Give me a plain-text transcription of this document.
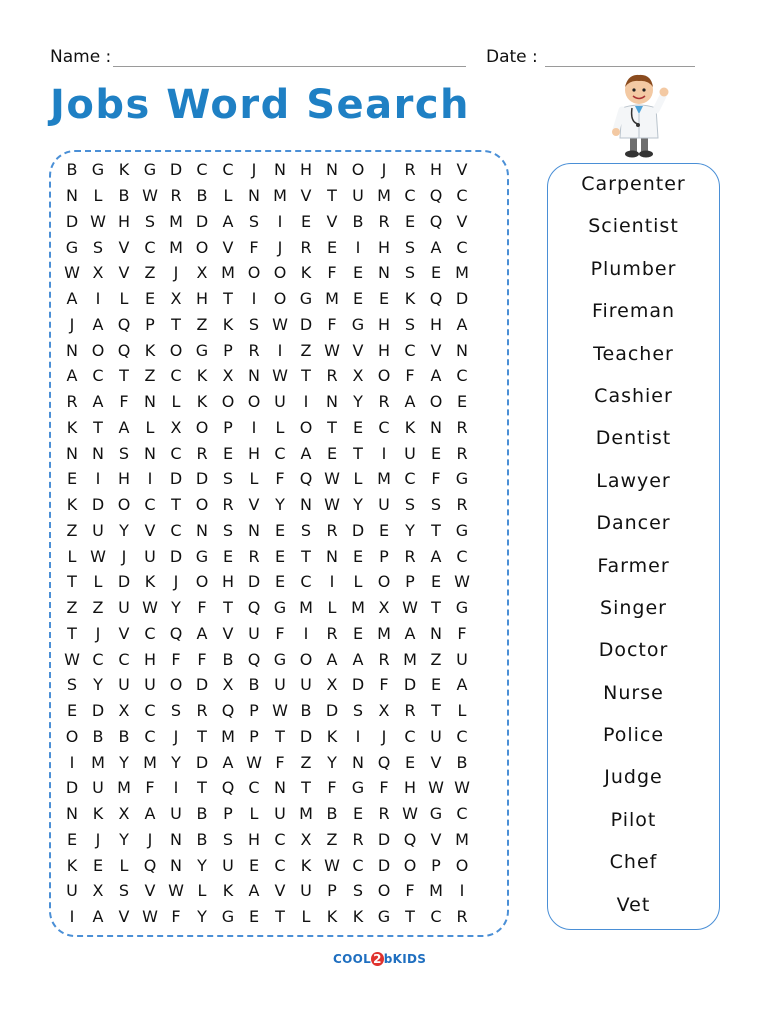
Name :	Date :
Jobs Word Search
B G K G D C C	J	N H N O	J	R H V
N L	B W R B	L N M V T U M C Q C
D W H S M D A S	I	E V B R E Q V
G S V C M O V F	J	R E	I	H S A C
W X V Z	J	X M O O K	F	E N S E M
A	I	L	E X H T	I	O G M E E K Q D
J	A Q P	T Z K S W D F G H S H A
N O Q K O G P R	I	Z W V H C V N
A C T Z C K X N W T R X O F A C
R A F N L	K O O U	I	N Y R A O E
K T A	L	X O P	I	L O T	E C K N R
N N S N C R E H C A E	T	I	U E R
E	I	H	I	D D S	L	F Q W L M C F G
K D O C T O R V Y N W Y U S S R
Z U Y V C N S N E S R D E	Y	T G
L W J	U D G E R E	T N E	P R A C
T	L D K	J	O H D E C	I	L O P	E W
Z Z U W Y	F	T Q G M L M X W T G
T	J	V C Q A V U F	I	R E M A N F
W C C H F	F B Q G O A A R M Z U
S	Y U U O D X B U U X D F D E A
E D X C S R Q P W B D S X R T	L
O B B C	J	T M P	T D K	I	J	C U C
I	M Y M Y D A W F Z Y N Q E V B
D U M F	I	T Q C N T	F G F H W W
N K X A U B P	L U M B E R W G C
E	J	Y	J	N B S H C X Z R D Q V M
K E	L Q N Y U E C K W C D O P O
U X S V W L	K A V U P	S O F M	I
I	A V W F	Y G E	T	L	K K G T C R
Carpenter
Scientist
Plumber
Fireman
Teacher
Cashier
Dentist
Lawyer
Dancer
Farmer
Singer
Doctor
Nurse
Police
Judge
Pilot
Chef
Vet
COOL 2 bKIDS
